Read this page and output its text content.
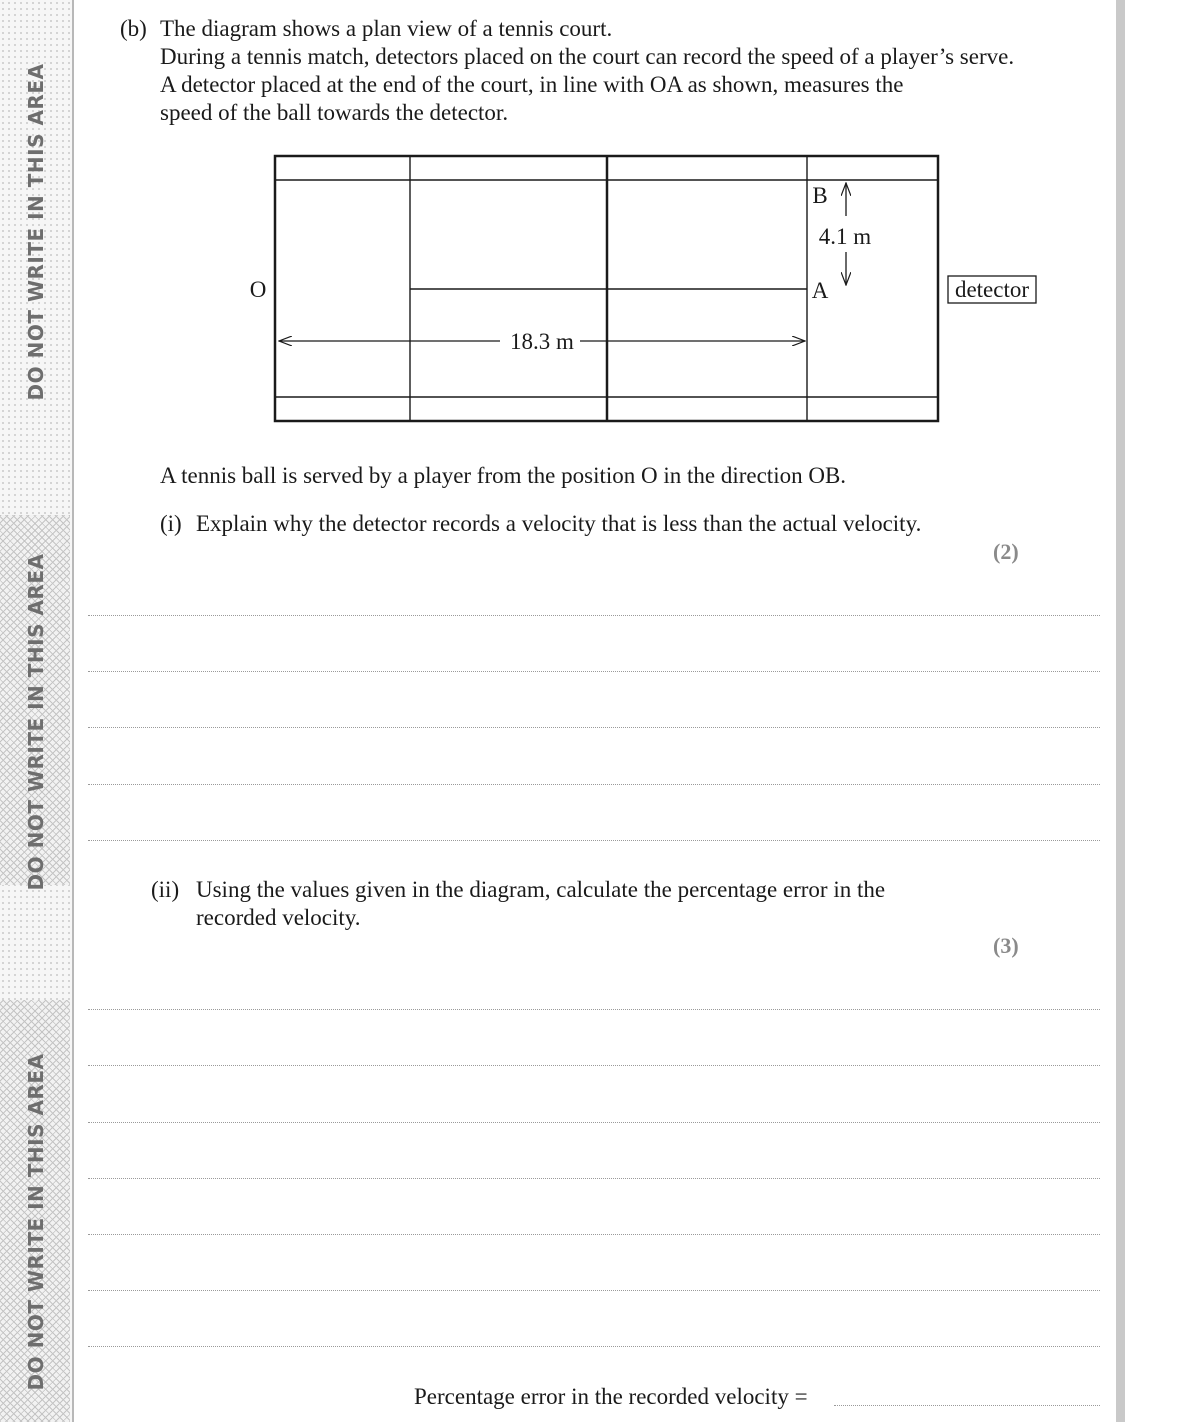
DO NOT WRITE IN THIS AREA
DO NOT WRITE IN THIS AREA
DO NOT WRITE IN THIS AREA
(b) The diagram shows a plan view of a tennis court.
During a tennis match, detectors placed on the court can record the speed of a player’s serve.
A detector placed at the end of the court, in line with OA as shown, measures the
speed of the ball towards the detector.
18.3 m
4.1 m
O	A
B
detector
A tennis ball is served by a player from the position O in the direction OB.
(i) Explain why the detector records a velocity that is less than the actual velocity.
(2)
(ii) Using the values given in the diagram, calculate the percentage error in the
recorded velocity.
(3)
Percentage error in the recorded velocity =
